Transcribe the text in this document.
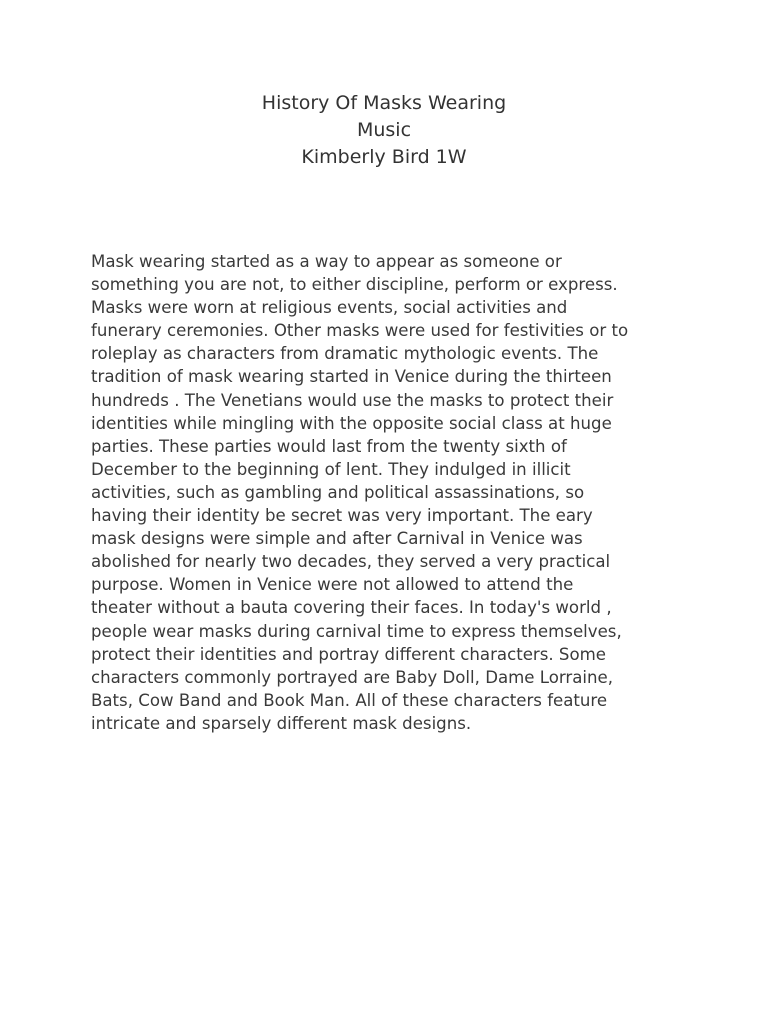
History Of Masks Wearing
Music
Kimberly Bird 1W
Mask wearing started as a way to appear as someone or
something you are not, to either discipline, perform or express.
Masks were worn at religious events, social activities and
funerary ceremonies. Other masks were used for festivities or to
roleplay as characters from dramatic mythologic events. The
tradition of mask wearing started in Venice during the thirteen
hundreds . The Venetians would use the masks to protect their
identities while mingling with the opposite social class at huge
parties. These parties would last from the twenty sixth of
December to the beginning of lent. They indulged in illicit
activities, such as gambling and political assassinations, so
having their identity be secret was very important. The eary
mask designs were simple and after Carnival in Venice was
abolished for nearly two decades, they served a very practical
purpose. Women in Venice were not allowed to attend the
theater without a bauta covering their faces. In today's world ,
people wear masks during carnival time to express themselves,
protect their identities and portray different characters. Some
characters commonly portrayed are Baby Doll, Dame Lorraine,
Bats, Cow Band and Book Man. All of these characters feature
intricate and sparsely different mask designs.
